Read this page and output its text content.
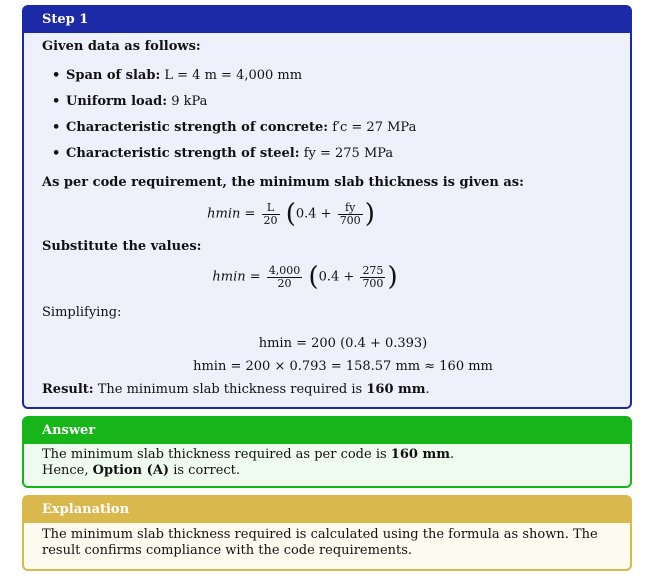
Step 1
Given data as follows:
• Span of slab: L = 4 m = 4,000 mm
• Uniform load: 9 kPa
• Characteristic strength of concrete: f′c = 27 MPa
• Characteristic strength of steel: fy = 275 MPa
As per code requirement, the minimum slab thickness is given as:
$hmin = \frac{L}{20} (0.4 + \frac{fy}{700}$ )
Substitute the values:
$hmin = \frac{4,000}{20} (0.4 + \frac{275}{700}$ )
Simplifying:
hmin = 200 (0.4 + 0.393)
hmin = 200 × 0.793 = 158.57 mm ≈ 160 mm
Result: The minimum slab thickness required is 160 mm.
Answer
The minimum slab thickness required as per code is 160 mm.
Hence, Option (A) is correct.
Explanation
The minimum slab thickness required is calculated using the formula as shown. The result confirms compliance with the code requirements.
